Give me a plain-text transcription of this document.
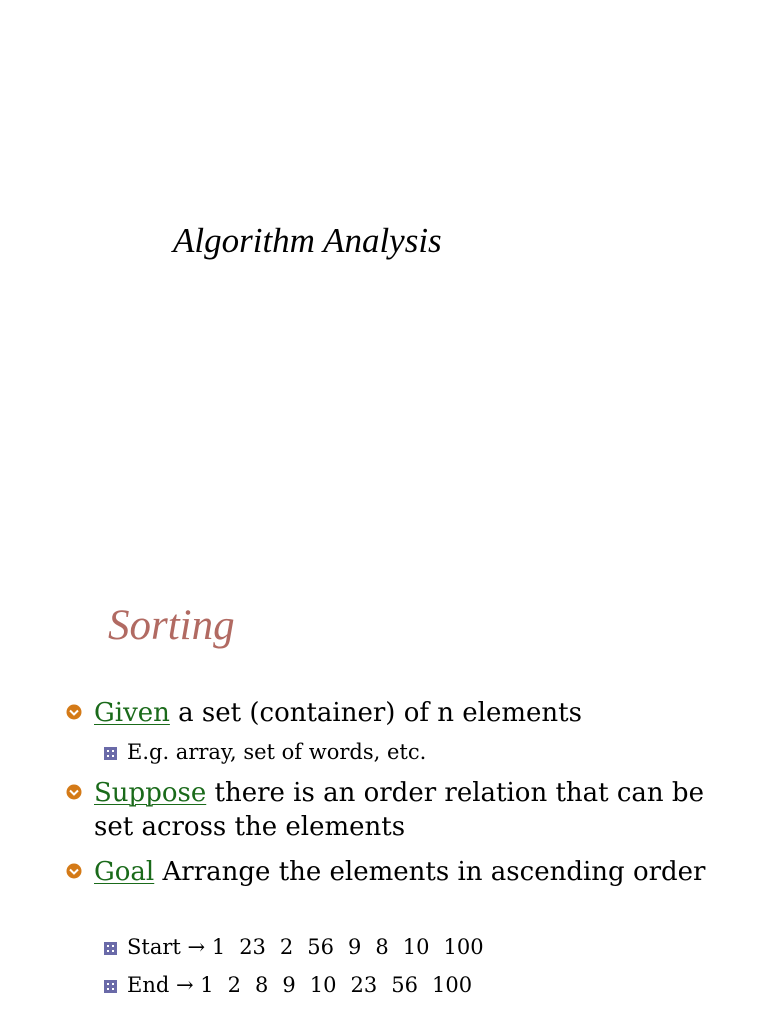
Algorithm Analysis
Sorting
Given a set (container) of n elements
E.g. array, set of words, etc.
Suppose there is an order relation that can be set across the elements
Goal Arrange the elements in ascending order
Start → 1 23 2 56 9 8 10 100
End → 1 2 8 9 10 23 56 100
